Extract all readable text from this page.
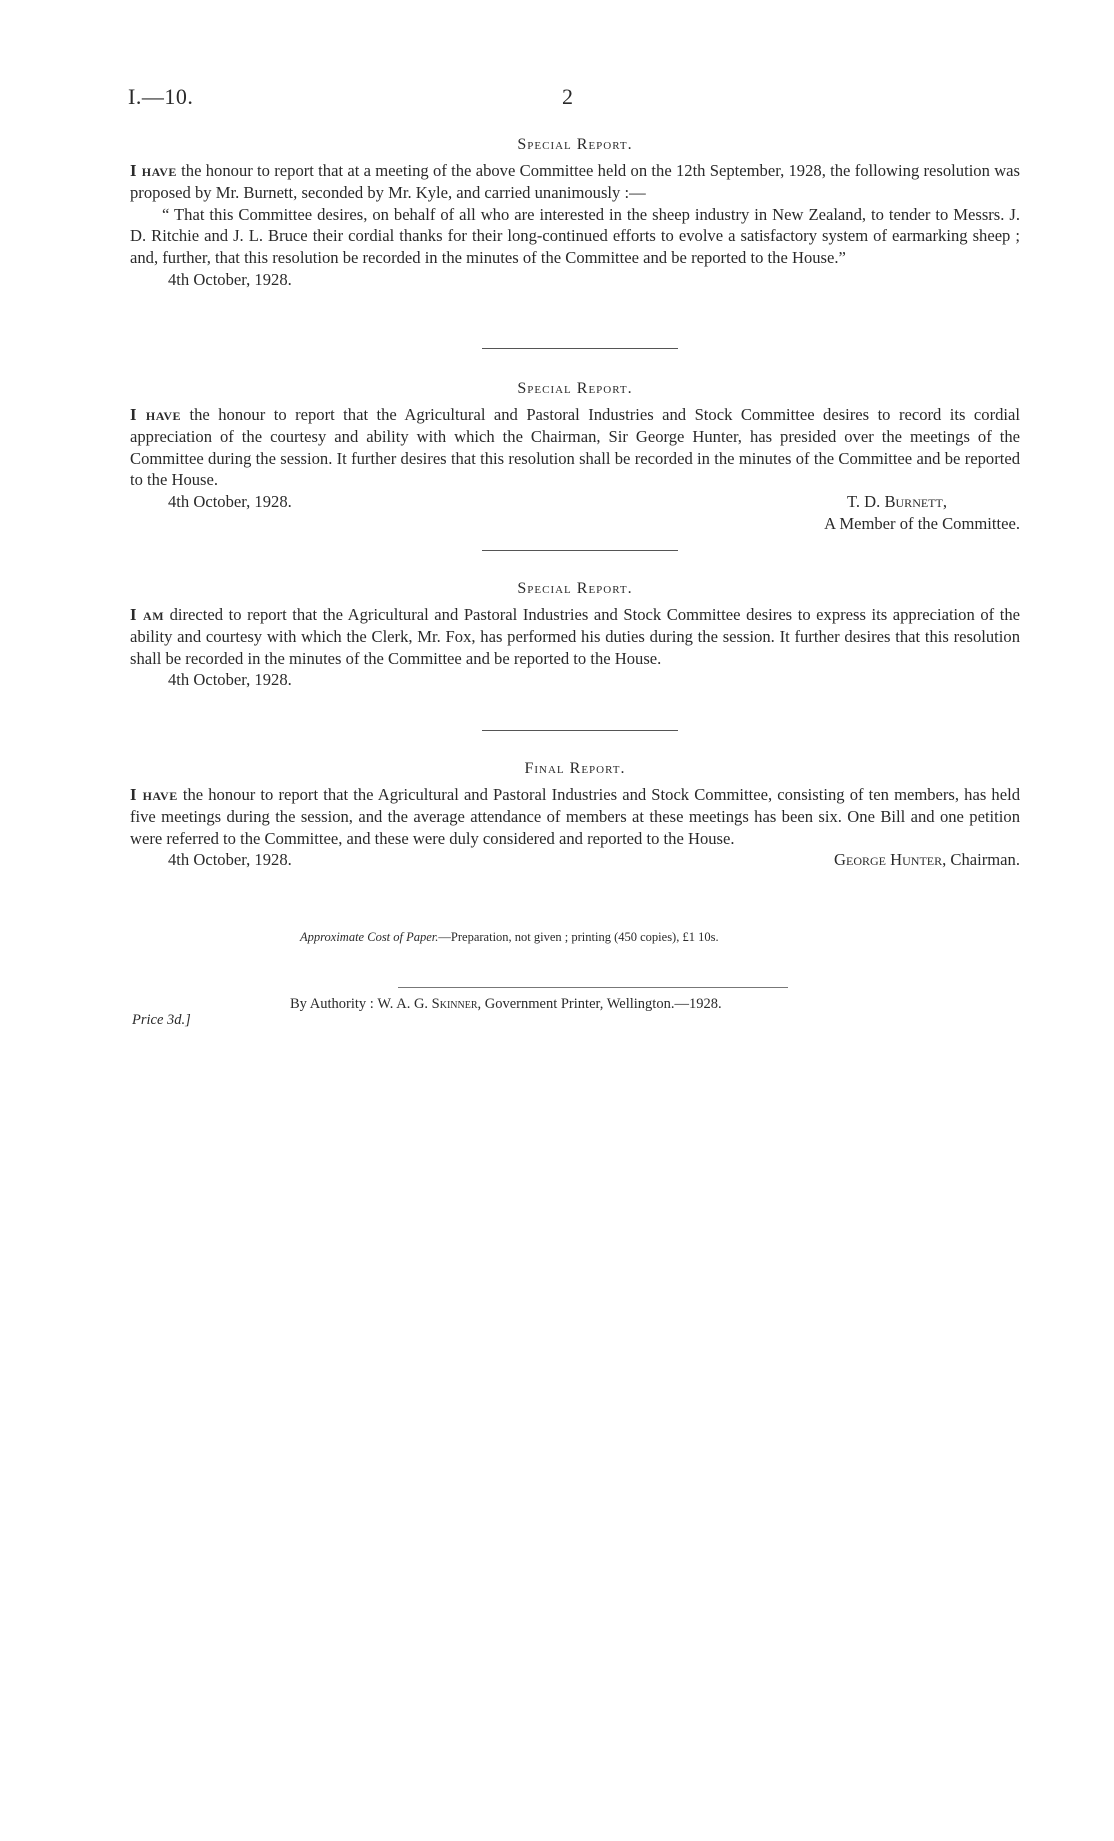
I.—10.	2
Special Report.

I have the honour to report that at a meeting of the above Committee held on the 12th September, 1928, the following resolution was proposed by Mr. Burnett, seconded by Mr. Kyle, and carried unanimously :—

“ That this Committee desires, on behalf of all who are interested in the sheep industry in New Zealand, to tender to Messrs. J. D. Ritchie and J. L. Bruce their cordial thanks for their long-continued efforts to evolve a satisfactory system of earmarking sheep ; and, further, that this resolution be recorded in the minutes of the Committee and be reported to the House.”

4th October, 1928.

Special Report.

I have the honour to report that the Agricultural and Pastoral Industries and Stock Committee desires to record its cordial appreciation of the courtesy and ability with which the Chairman, Sir George Hunter, has presided over the meetings of the Committee during the session. It further desires that this resolution shall be recorded in the minutes of the Committee and be reported to the House.

4th October, 1928.	T. D. Burnett,
A Member of the Committee.
Special Report.

I am directed to report that the Agricultural and Pastoral Industries and Stock Committee desires to express its appreciation of the ability and courtesy with which the Clerk, Mr. Fox, has performed his duties during the session. It further desires that this resolution shall be recorded in the minutes of the Committee and be reported to the House.

4th October, 1928.

Final Report.

I have the honour to report that the Agricultural and Pastoral Industries and Stock Committee, consisting of ten members, has held five meetings during the session, and the average attendance of members at these meetings has been six. One Bill and one petition were referred to the Committee, and these were duly considered and reported to the House.

4th October, 1928.	George Hunter, Chairman.
Approximate Cost of Paper.—Preparation, not given ; printing (450 copies), £1 10s.
By Authority : W. A. G. Skinner, Government Printer, Wellington.—1928.
Price 3d.]
